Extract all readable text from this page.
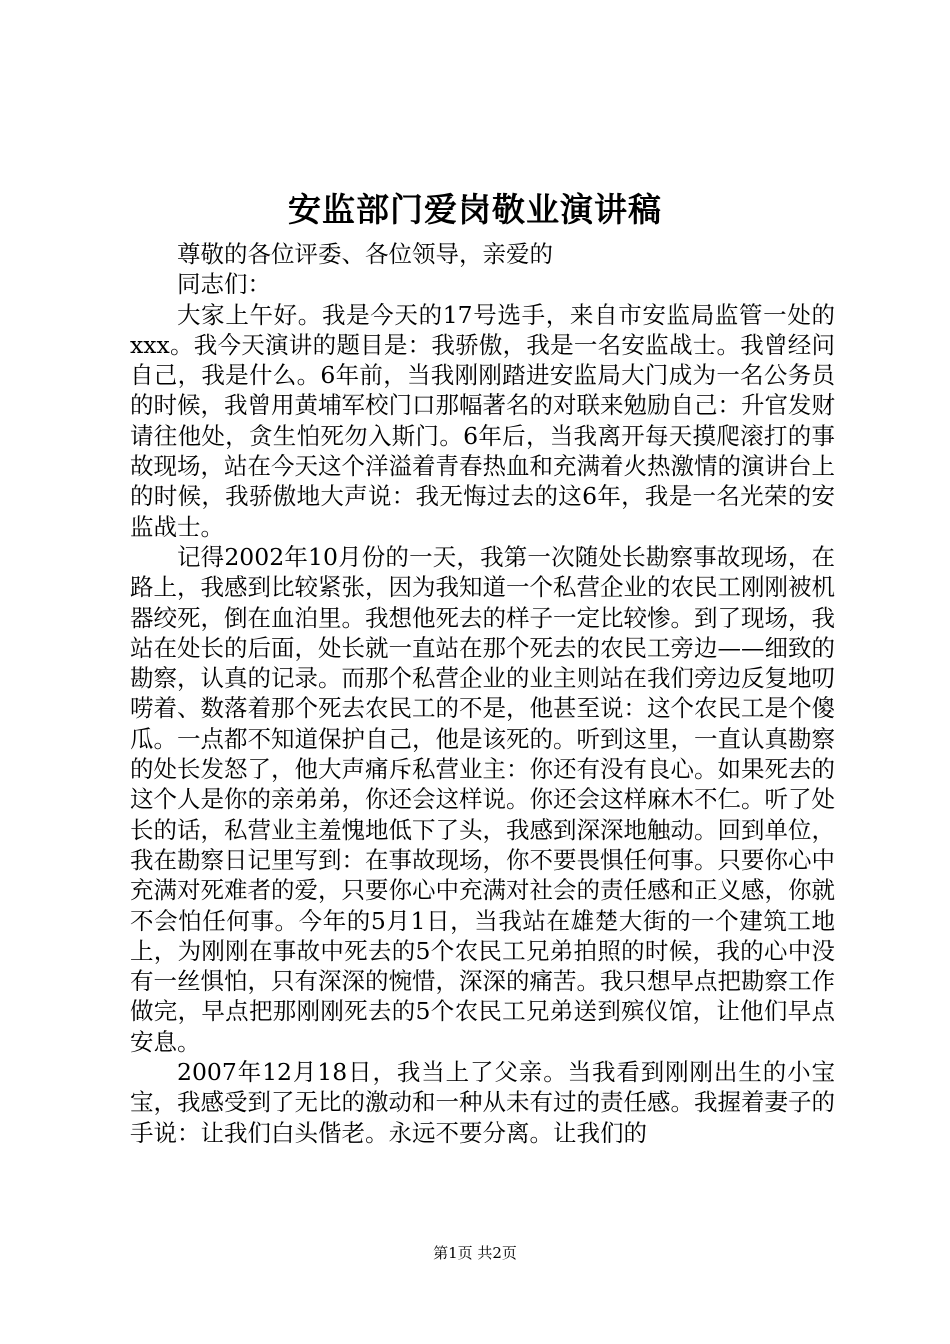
安监部门爱岗敬业演讲稿

尊敬的各位评委、各位领导，亲爱的

同志们：

大家上午好。我是今天的17号选手，来自市安监局监管一处的xxx。我今天演讲的题目是：我骄傲，我是一名安监战士。我曾经问自己，我是什么。6年前，当我刚刚踏进安监局大门成为一名公务员的时候，我曾用黄埔军校门口那幅著名的对联来勉励自己：升官发财请往他处，贪生怕死勿入斯门。6年后，当我离开每天摸爬滚打的事故现场，站在今天这个洋溢着青春热血和充满着火热激情的演讲台上的时候，我骄傲地大声说：我无悔过去的这6年，我是一名光荣的安监战士。

记得2002年10月份的一天，我第一次随处长勘察事故现场，在路上，我感到比较紧张，因为我知道一个私营企业的农民工刚刚被机器绞死，倒在血泊里。我想他死去的样子一定比较惨。到了现场，我站在处长的后面，处长就一直站在那个死去的农民工旁边——细致的勘察，认真的记录。而那个私营企业的业主则站在我们旁边反复地叨唠着、数落着那个死去农民工的不是，他甚至说：这个农民工是个傻瓜。一点都不知道保护自己，他是该死的。听到这里，一直认真勘察的处长发怒了，他大声痛斥私营业主：你还有没有良心。如果死去的这个人是你的亲弟弟，你还会这样说。你还会这样麻木不仁。听了处长的话，私营业主羞愧地低下了头，我感到深深地触动。回到单位，我在勘察日记里写到：在事故现场，你不要畏惧任何事。只要你心中充满对死难者的爱，只要你心中充满对社会的责任感和正义感，你就不会怕任何事。今年的5月1日，当我站在雄楚大街的一个建筑工地上，为刚刚在事故中死去的5个农民工兄弟拍照的时候，我的心中没有一丝惧怕，只有深深的惋惜，深深的痛苦。我只想早点把勘察工作做完，早点把那刚刚死去的5个农民工兄弟送到殡仪馆，让他们早点安息。

2007年12月18日，我当上了父亲。当我看到刚刚出生的小宝宝，我感受到了无比的激动和一种从未有过的责任感。我握着妻子的手说：让我们白头偕老。永远不要分离。让我们的

第1页 共2页
